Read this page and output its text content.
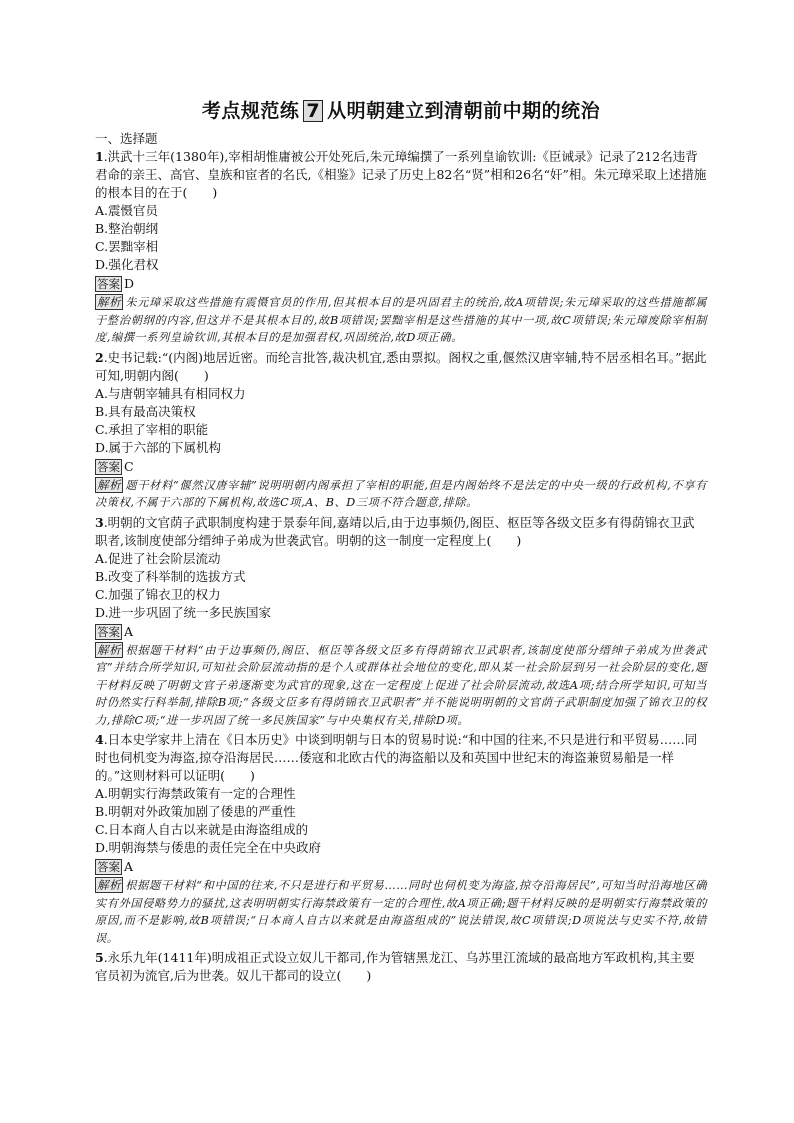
考点规范练 7 从明朝建立到清朝前中期的统治
一、选择题

1.洪武十三年(1380年),宰相胡惟庸被公开处死后,朱元璋编撰了一系列皇谕钦训:《臣诫录》记录了212名违背君命的亲王、高官、皇族和宦者的名氏,《相鉴》记录了历史上82名“贤”相和26名“奸”相。朱元璋采取上述措施的根本目的在于(　　)

A.震慑官员

B.整治朝纲

C.罢黜宰相

D.强化君权

答案 D

解析 朱元璋采取这些措施有震慑官员的作用,但其根本目的是巩固君主的统治,故A项错误;朱元璋采取的这些措施都属于整治朝纲的内容,但这并不是其根本目的,故B项错误;罢黜宰相是这些措施的其中一项,故C项错误;朱元璋废除宰相制度,编撰一系列皇谕钦训,其根本目的是加强君权,巩固统治,故D项正确。

2.史书记载:“(内阁)地居近密。而纶言批答,裁决机宜,悉由票拟。阁权之重,偃然汉唐宰辅,特不居丞相名耳。”据此可知,明朝内阁(　　)

A.与唐朝宰辅具有相同权力

B.具有最高决策权

C.承担了宰相的职能

D.属于六部的下属机构

答案 C

解析 题干材料“偃然汉唐宰辅”说明明朝内阁承担了宰相的职能,但是内阁始终不是法定的中央一级的行政机构,不享有决策权,不属于六部的下属机构,故选C项,A、B、D三项不符合题意,排除。

3.明朝的文官荫子武职制度构建于景泰年间,嘉靖以后,由于边事频仍,阁臣、枢臣等各级文臣多有得荫锦衣卫武职者,该制度使部分缙绅子弟成为世袭武官。明朝的这一制度一定程度上(　　)

A.促进了社会阶层流动

B.改变了科举制的选拔方式

C.加强了锦衣卫的权力

D.进一步巩固了统一多民族国家

答案 A

解析 根据题干材料“由于边事频仍,阁臣、枢臣等各级文臣多有得荫锦衣卫武职者,该制度使部分缙绅子弟成为世袭武官”并结合所学知识,可知社会阶层流动指的是个人或群体社会地位的变化,即从某一社会阶层到另一社会阶层的变化,题干材料反映了明朝文官子弟逐渐变为武官的现象,这在一定程度上促进了社会阶层流动,故选A项;结合所学知识,可知当时仍然实行科举制,排除B项;“各级文臣多有得荫锦衣卫武职者”并不能说明明朝的文官荫子武职制度加强了锦衣卫的权力,排除C项;“进一步巩固了统一多民族国家”与中央集权有关,排除D项。

4.日本史学家井上清在《日本历史》中谈到明朝与日本的贸易时说:“和中国的往来,不只是进行和平贸易……同时也伺机变为海盗,掠夺沿海居民……倭寇和北欧古代的海盗船以及和英国中世纪末的海盗兼贸易船是一样的。”这则材料可以证明(　　)

A.明朝实行海禁政策有一定的合理性

B.明朝对外政策加剧了倭患的严重性

C.日本商人自古以来就是由海盗组成的

D.明朝海禁与倭患的责任完全在中央政府

答案 A

解析 根据题干材料“和中国的往来,不只是进行和平贸易……同时也伺机变为海盗,掠夺沿海居民”,可知当时沿海地区确实有外国侵略势力的骚扰,这表明明朝实行海禁政策有一定的合理性,故A项正确;题干材料反映的是明朝实行海禁政策的原因,而不是影响,故B项错误;“日本商人自古以来就是由海盗组成的”说法错误,故C项错误;D项说法与史实不符,故错误。

5.永乐九年(1411年)明成祖正式设立奴儿干都司,作为管辖黑龙江、乌苏里江流域的最高地方军政机构,其主要官员初为流官,后为世袭。奴儿干都司的设立(　　)
